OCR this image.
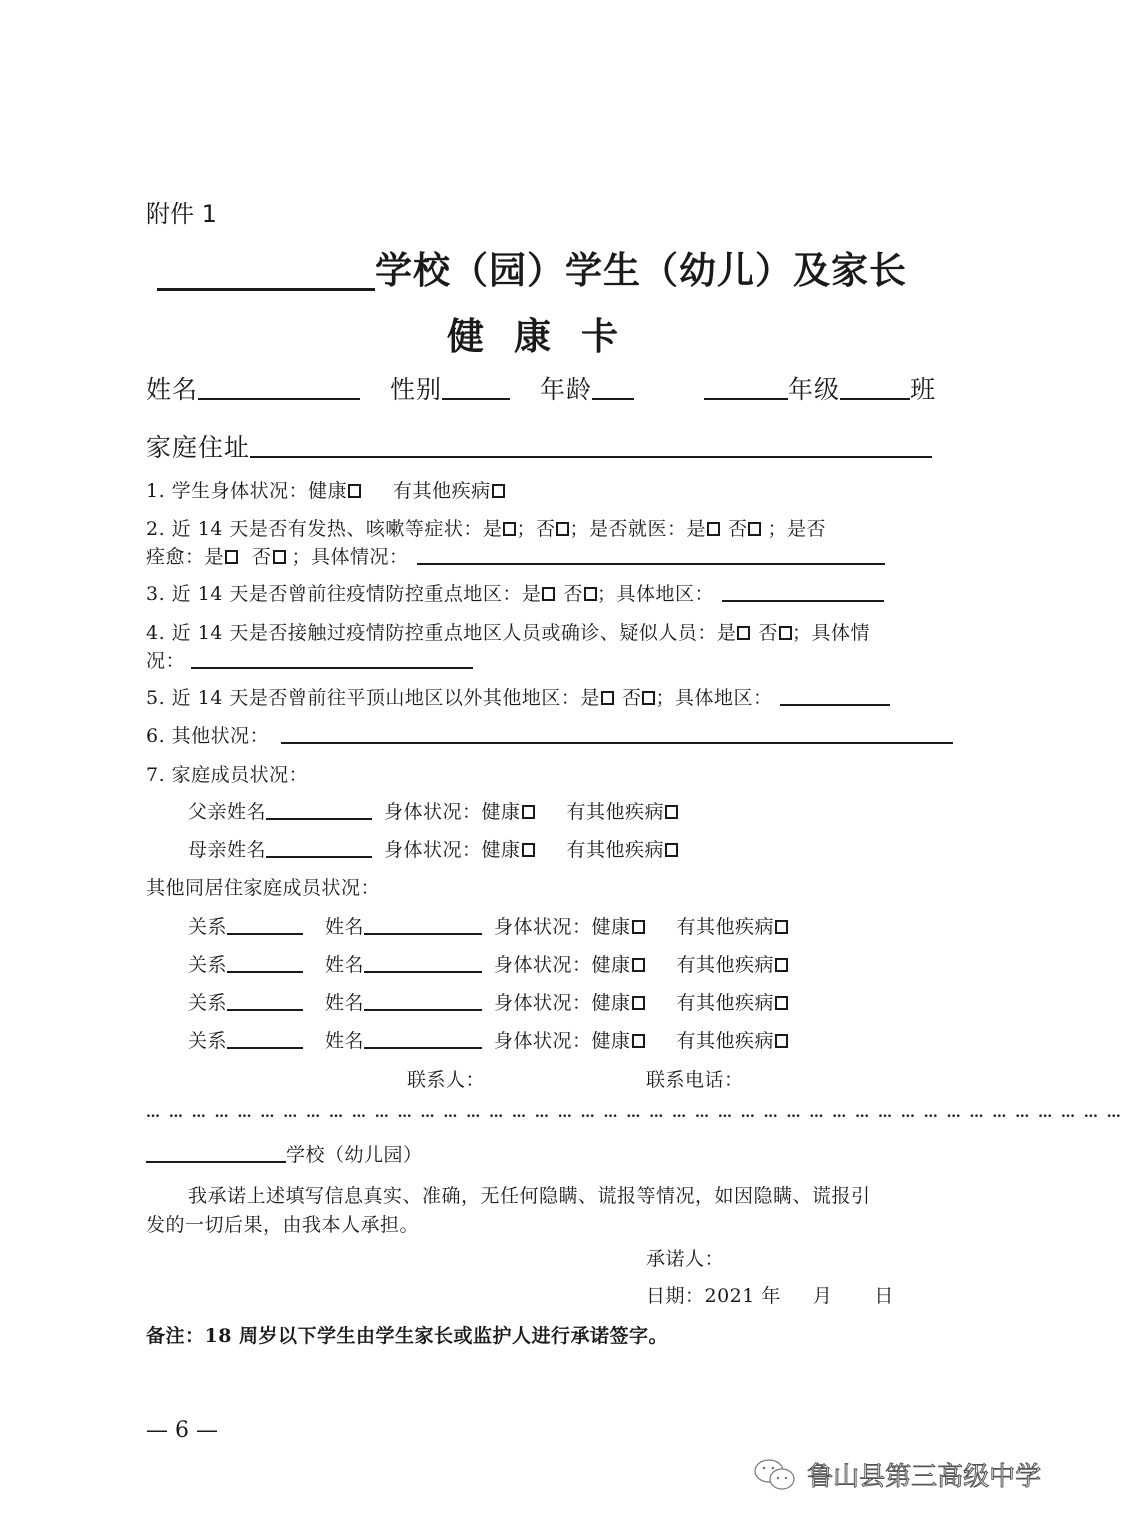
附件 1
学校（园）学生（幼儿）及家长
健康卡
姓名	性别	年龄	年级	班
家庭住址
1. 学生身体状况：健康 有其他疾病
2. 近 14 天是否有发热、咳嗽等症状：是 ；否 ；是否就医：是 否 ；是否
痊愈：是 否 ；具体情况：
3. 近 14 天是否曾前往疫情防控重点地区：是 否 ；具体地区：
4. 近 14 天是否接触过疫情防控重点地区人员或确诊、疑似人员：是 否 ；具体情
况：
5. 近 14 天是否曾前往平顶山地区以外其他地区：是 否 ；具体地区：
6. 其他状况：
7. 家庭成员状况：
父亲姓名	身体状况：健康 有其他疾病
母亲姓名	身体状况：健康 有其他疾病
其他同居住家庭成员状况：
关系	姓名	身体状况：健康 有其他疾病
关系	姓名	身体状况：健康 有其他疾病
关系	姓名	身体状况：健康 有其他疾病
关系	姓名	身体状况：健康 有其他疾病
联系人：	联系电话：
… … … … … … … … … … … … … … … … … … … … … … … … … … … … … … … … … … … … … … … … … … …
学校（幼儿园）
我承诺上述填写信息真实、准确，无任何隐瞒、谎报等情况，如因隐瞒、谎报引
发的一切后果，由我本人承担。
承诺人：
日期：2021 年 月 日
备注：18 周岁以下学生由学生家长或监护人进行承诺签字。
— 6 —
鲁山县第三高级中学
